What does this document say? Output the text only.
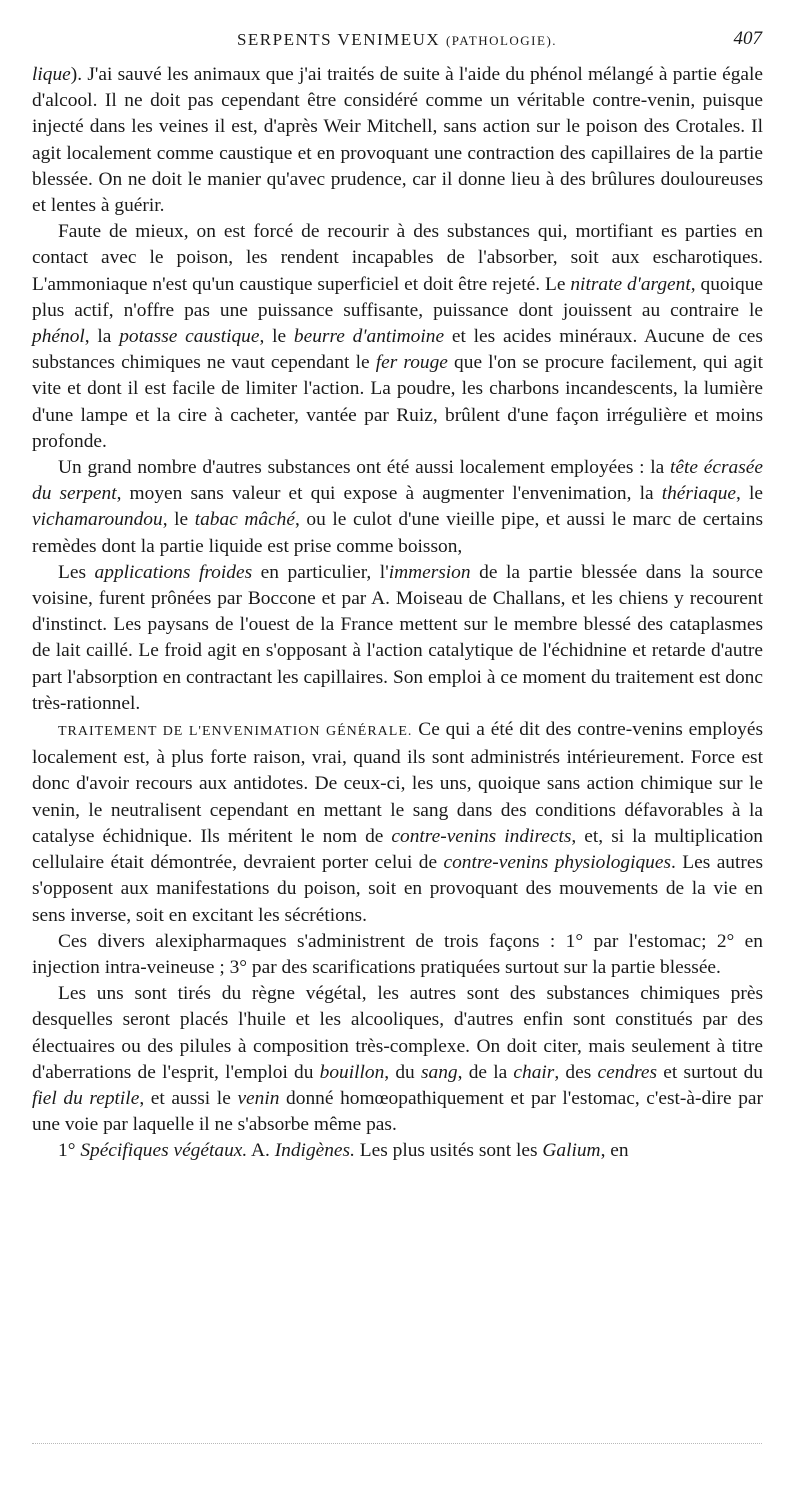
SERPENTS VENIMEUX (PATHOLOGIE).	407

lique). J'ai sauvé les animaux que j'ai traités de suite à l'aide du phénol mélangé à partie égale d'alcool. Il ne doit pas cependant être considéré comme un véritable contre-venin, puisque injecté dans les veines il est, d'après Weir Mitchell, sans action sur le poison des Crotales. Il agit localement comme caustique et en provoquant une contraction des capillaires de la partie blessée. On ne doit le manier qu'avec prudence, car il donne lieu à des brûlures douloureuses et lentes à guérir.

Faute de mieux, on est forcé de recourir à des substances qui, mortifiant es parties en contact avec le poison, les rendent incapables de l'absorber, soit aux escharotiques. L'ammoniaque n'est qu'un caustique superficiel et doit être rejeté. Le nitrate d'argent, quoique plus actif, n'offre pas une puissance suffisante, puissance dont jouissent au contraire le phénol, la potasse caustique, le beurre d'antimoine et les acides minéraux. Aucune de ces substances chimiques ne vaut cependant le fer rouge que l'on se procure facilement, qui agit vite et dont il est facile de limiter l'action. La poudre, les charbons incandescents, la lumière d'une lampe et la cire à cacheter, vantée par Ruiz, brûlent d'une façon irrégulière et moins profonde.

Un grand nombre d'autres substances ont été aussi localement employées : la tête écrasée du serpent, moyen sans valeur et qui expose à augmenter l'envenimation, la thériaque, le vichamaroundou, le tabac mâché, ou le culot d'une vieille pipe, et aussi le marc de certains remèdes dont la partie liquide est prise comme boisson,

Les applications froides en particulier, l'immersion de la partie blessée dans la source voisine, furent prônées par Boccone et par A. Moiseau de Challans, et les chiens y recourent d'instinct. Les paysans de l'ouest de la France mettent sur le membre blessé des cataplasmes de lait caillé. Le froid agit en s'opposant à l'action catalytique de l'échidnine et retarde d'autre part l'absorption en contractant les capillaires. Son emploi à ce moment du traitement est donc très-rationnel.

TRAITEMENT DE L'ENVENIMATION GÉNÉRALE. Ce qui a été dit des contre-venins employés localement est, à plus forte raison, vrai, quand ils sont administrés intérieurement. Force est donc d'avoir recours aux antidotes. De ceux-ci, les uns, quoique sans action chimique sur le venin, le neutralisent cependant en mettant le sang dans des conditions défavorables à la catalyse échidnique. Ils méritent le nom de contre-venins indirects, et, si la multiplication cellulaire était démontrée, devraient porter celui de contre-venins physiologiques. Les autres s'opposent aux manifestations du poison, soit en provoquant des mouvements de la vie en sens inverse, soit en excitant les sécrétions.

Ces divers alexipharmaques s'administrent de trois façons : 1° par l'estomac; 2° en injection intra-veineuse ; 3° par des scarifications pratiquées surtout sur la partie blessée.

Les uns sont tirés du règne végétal, les autres sont des substances chimiques près desquelles seront placés l'huile et les alcooliques, d'autres enfin sont constitués par des électuaires ou des pilules à composition très-complexe. On doit citer, mais seulement à titre d'aberrations de l'esprit, l'emploi du bouillon, du sang, de la chair, des cendres et surtout du fiel du reptile, et aussi le venin donné homœopathiquement et par l'estomac, c'est-à-dire par une voie par laquelle il ne s'absorbe même pas.

1° Spécifiques végétaux. A. Indigènes. Les plus usités sont les Galium, en
